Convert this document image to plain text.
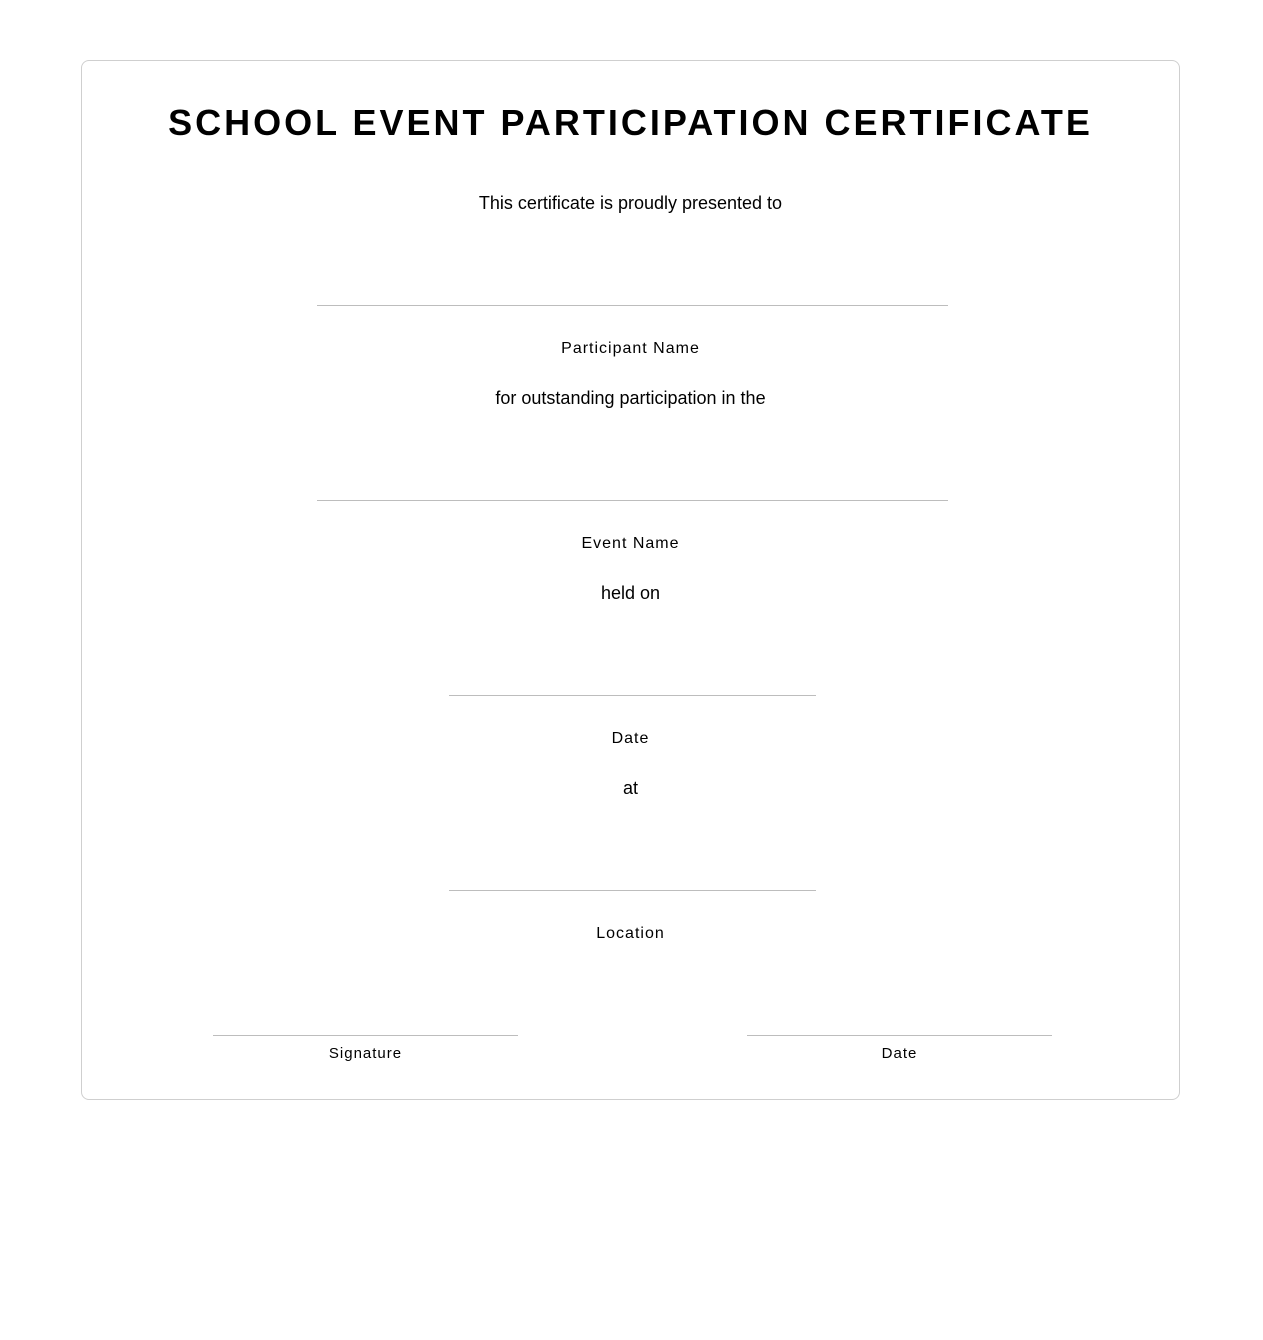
SCHOOL EVENT PARTICIPATION CERTIFICATE
This certificate is proudly presented to
Participant Name
for outstanding participation in the
Event Name
held on
Date
at
Location
Signature	Date
